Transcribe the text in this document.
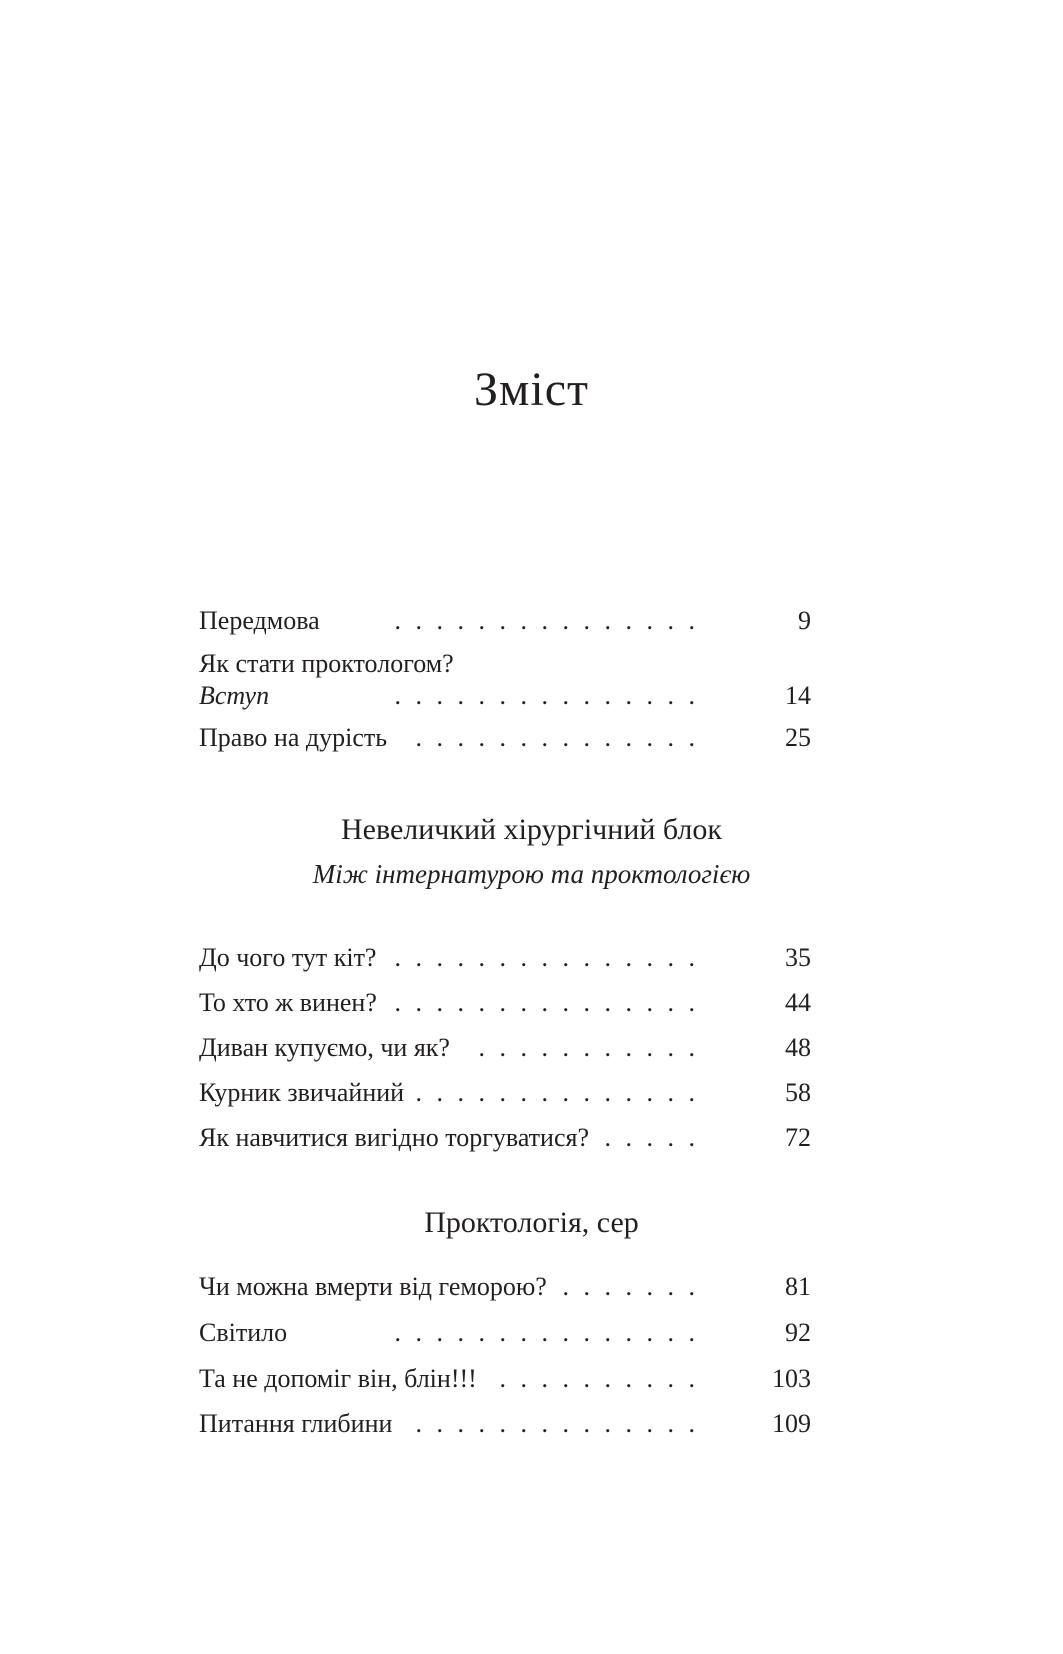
Зміст
Передмова	. . . . . . . . . . . . . . .	9
Як стати проктологом?
Вступ	. . . . . . . . . . . . . . .	14
Право на дурість . . . . . . . . . . . . . .	25
Невеличкий хірургічний блок
Між інтернатурою та проктологією
До чого тут кіт? . . . . . . . . . . . . . . .	35
То хто ж винен? . . . . . . . . . . . . . . .	44
Диван купуємо, чи як? . . . . . . . . . . .	48
Курник звичайний . . . . . . . . . . . . . .	58
Як навчитися вигідно торгуватися? . . . . .	72
Проктологія, сер
Чи можна вмерти від геморою? . . . . . . .	81
Світило	. . . . . . . . . . . . . . .	92
Та не допоміг він, блін!!! . . . . . . . . . .	103
Питання глибини . . . . . . . . . . . . . .	109
